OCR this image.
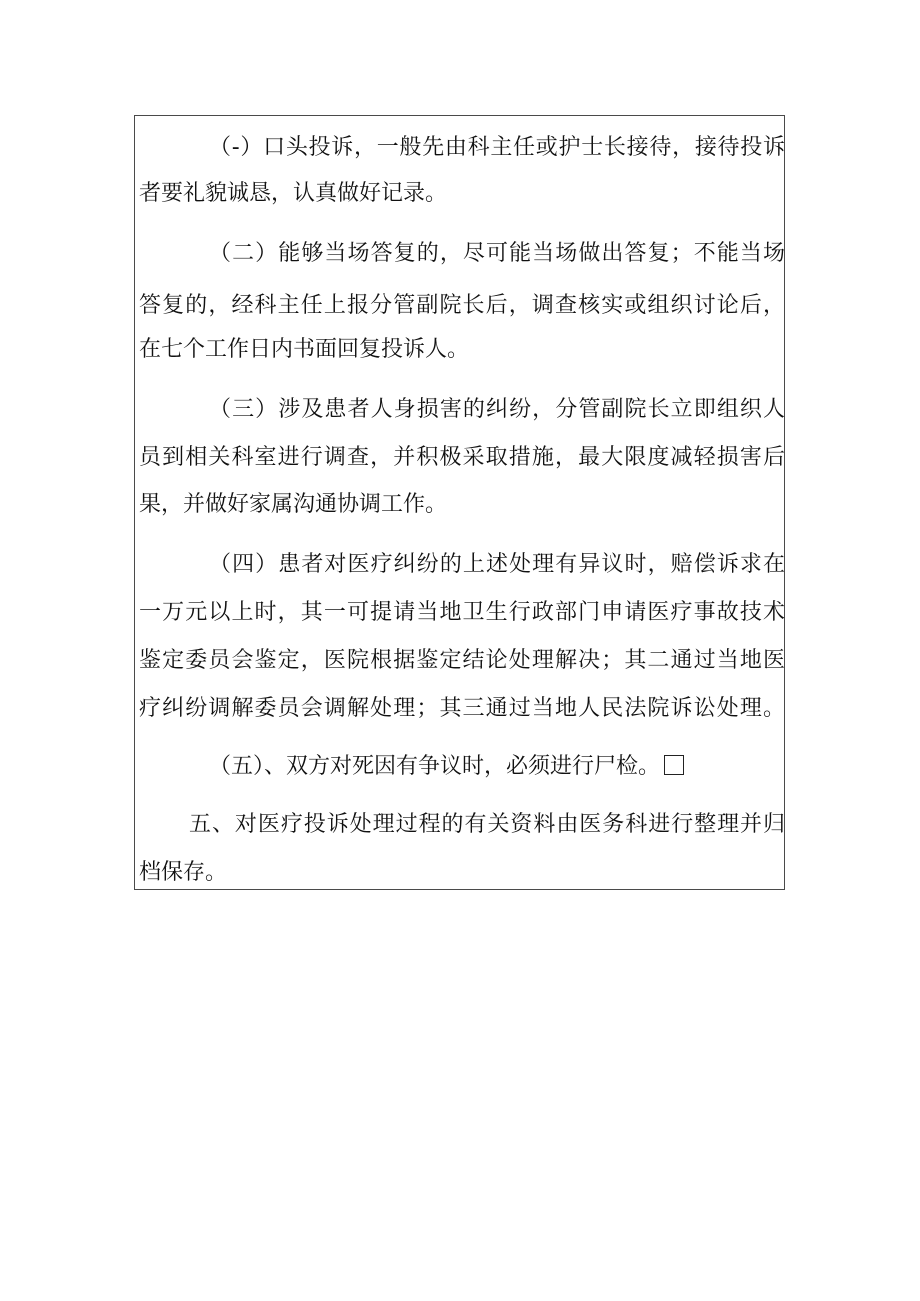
（-）口头投诉，一般先由科主任或护士长接待，接待投诉
者要礼貌诚恳，认真做好记录。
（二）能够当场答复的，尽可能当场做出答复；不能当场
答复的，经科主任上报分管副院长后，调查核实或组织讨论后，
在七个工作日内书面回复投诉人。
（三）涉及患者人身损害的纠纷，分管副院长立即组织人
员到相关科室进行调查，并积极采取措施，最大限度减轻损害后
果，并做好家属沟通协调工作。
（四）患者对医疗纠纷的上述处理有异议时，赔偿诉求在
一万元以上时，其一可提请当地卫生行政部门申请医疗事故技术
鉴定委员会鉴定，医院根据鉴定结论处理解决；其二通过当地医
疗纠纷调解委员会调解处理；其三通过当地人民法院诉讼处理。
（五）、双方对死因有争议时，必须进行尸检。
五、对医疗投诉处理过程的有关资料由医务科进行整理并归
档保存。
